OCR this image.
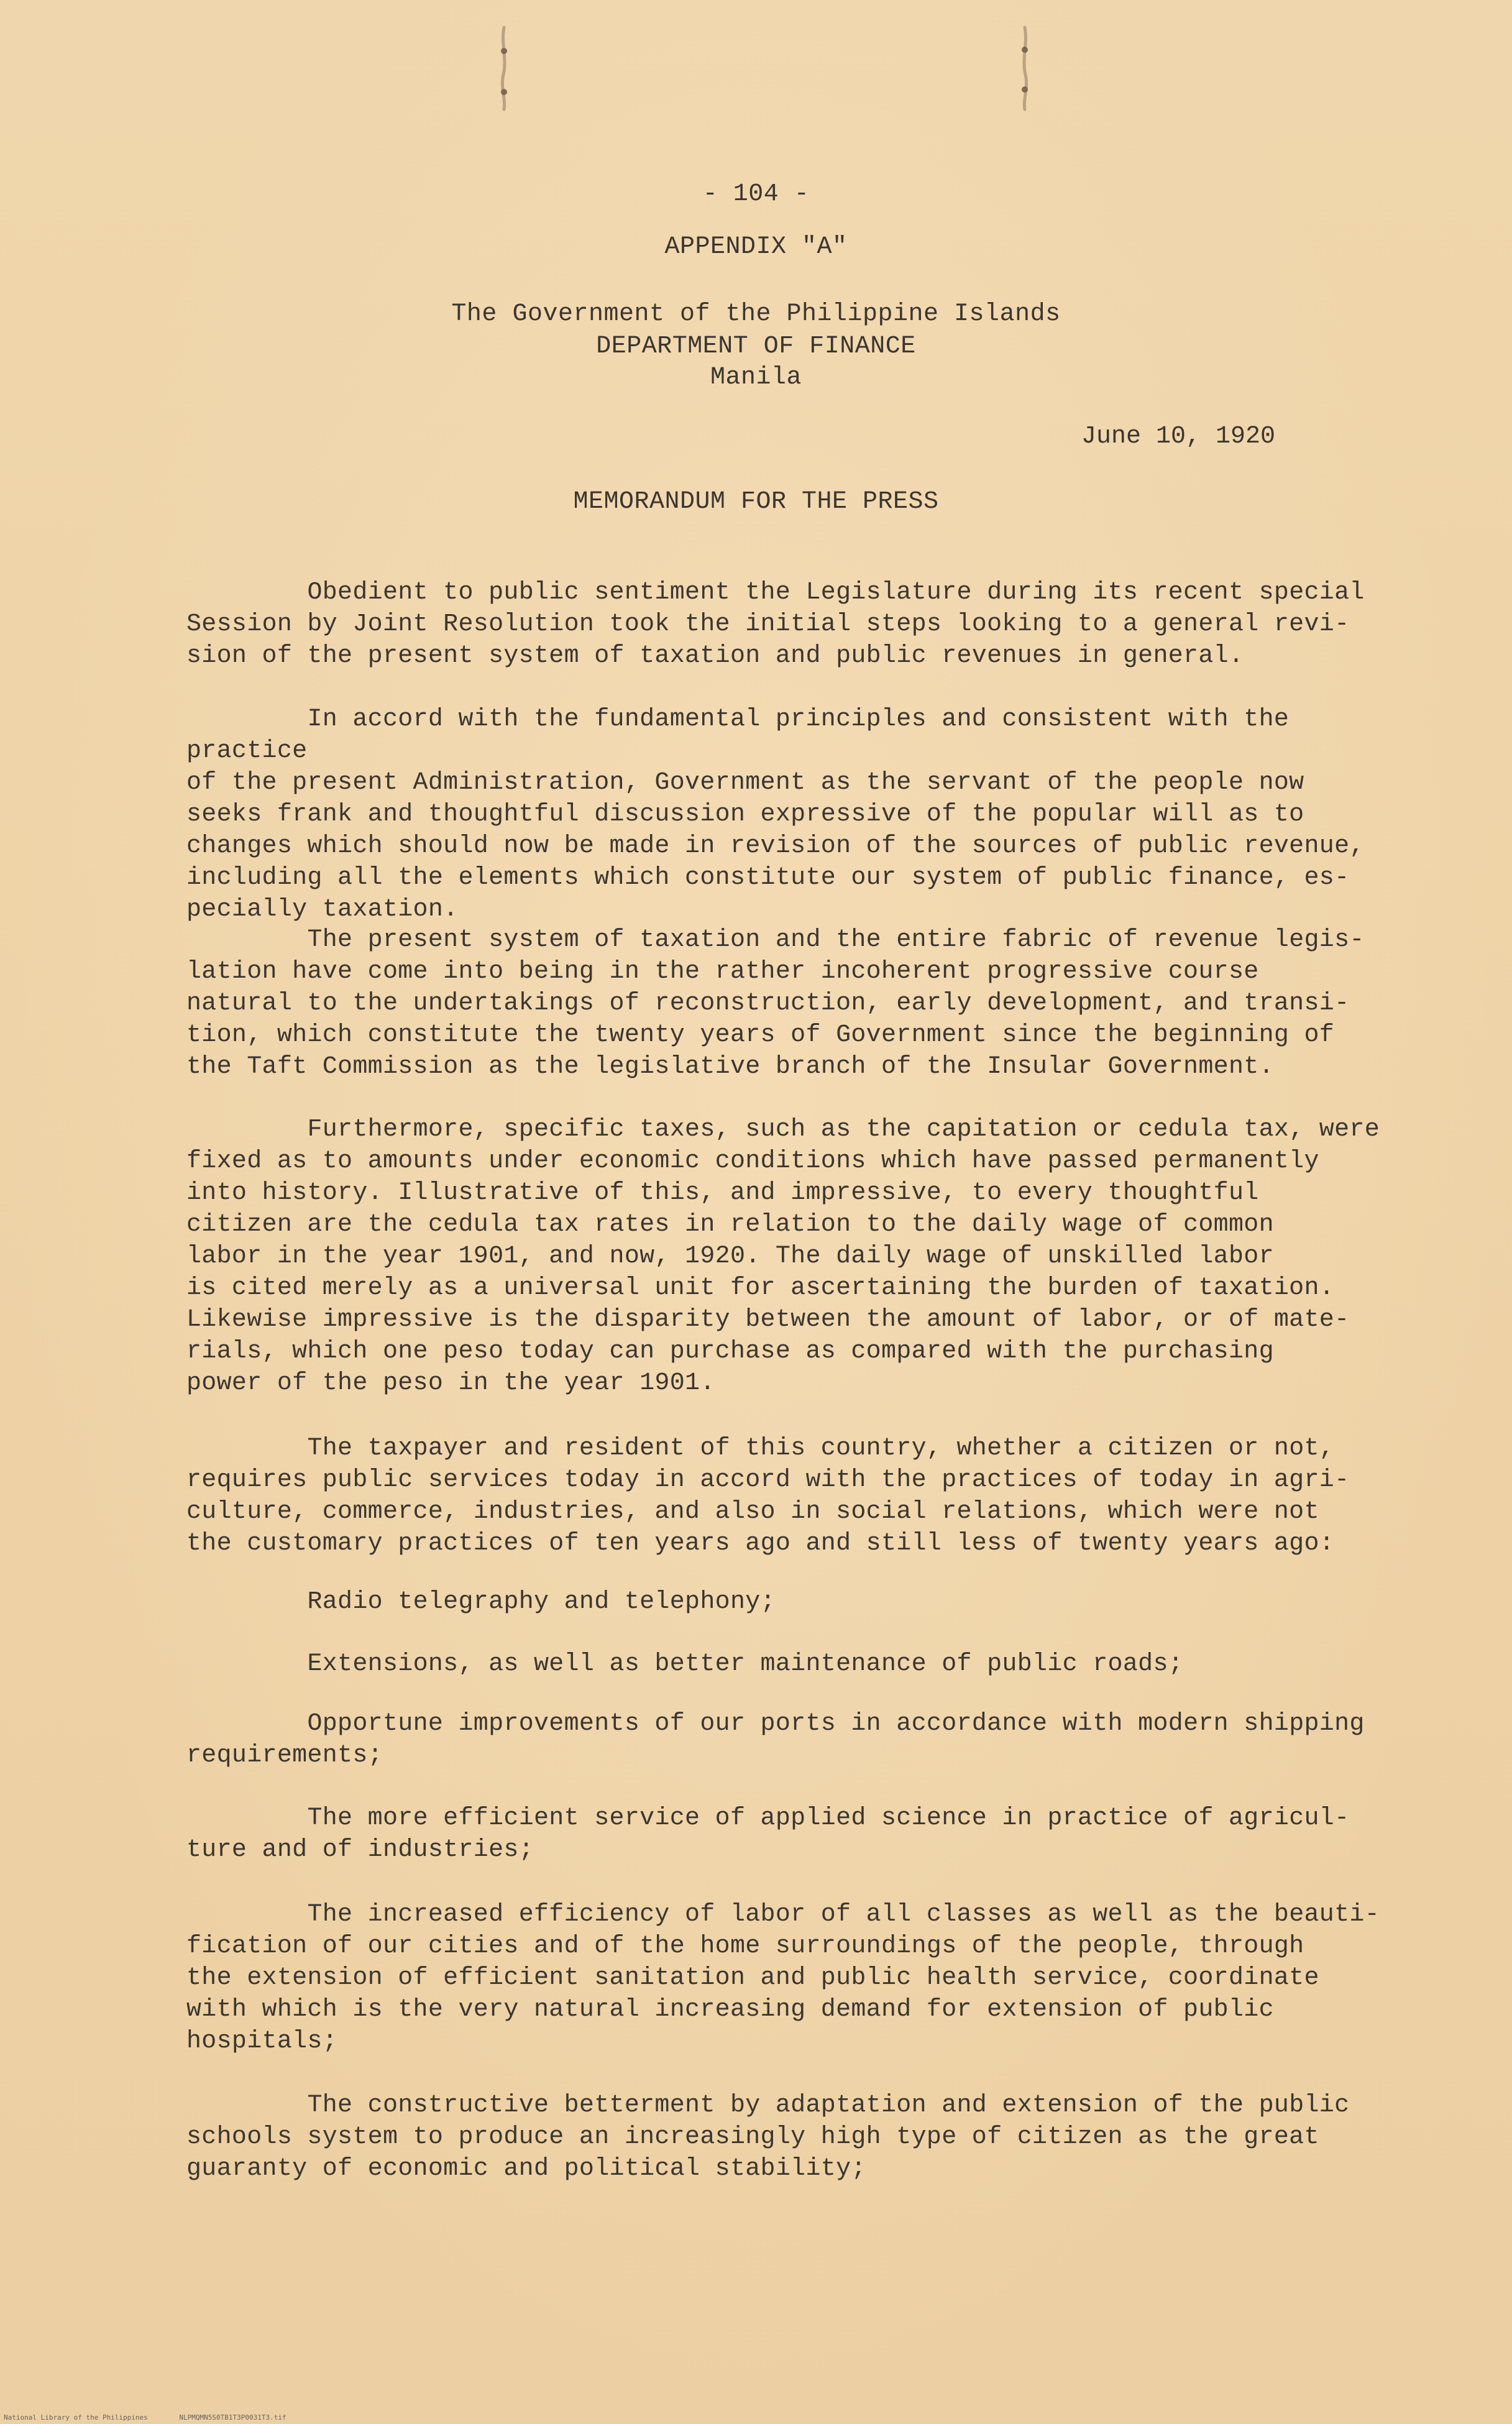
- 104 -
APPENDIX "A"
The Government of the Philippine Islands
DEPARTMENT OF FINANCE
Manila
June 10, 1920
MEMORANDUM FOR THE PRESS
Obedient to public sentiment the Legislature during its recent special
Session by Joint Resolution took the initial steps looking to a general revi-
sion of the present system of taxation and public revenues in general.
In accord with the fundamental principles and consistent with the practice
of the present Administration, Government as the servant of the people now
seeks frank and thoughtful discussion expressive of the popular will as to
changes which should now be made in revision of the sources of public revenue,
including all the elements which constitute our system of public finance, es-
pecially taxation.
The present system of taxation and the entire fabric of revenue legis-
lation have come into being in the rather incoherent progressive course
natural to the undertakings of reconstruction, early development, and transi-
tion, which constitute the twenty years of Government since the beginning of
the Taft Commission as the legislative branch of the Insular Government.
Furthermore, specific taxes, such as the capitation or cedula tax, were
fixed as to amounts under economic conditions which have passed permanently
into history. Illustrative of this, and impressive, to every thoughtful
citizen are the cedula tax rates in relation to the daily wage of common
labor in the year 1901, and now, 1920. The daily wage of unskilled labor
is cited merely as a universal unit for ascertaining the burden of taxation.
Likewise impressive is the disparity between the amount of labor, or of mate-
rials, which one peso today can purchase as compared with the purchasing
power of the peso in the year 1901.
The taxpayer and resident of this country, whether a citizen or not,
requires public services today in accord with the practices of today in agri-
culture, commerce, industries, and also in social relations, which were not
the customary practices of ten years ago and still less of twenty years ago:
Radio telegraphy and telephony;
Extensions, as well as better maintenance of public roads;
Opportune improvements of our ports in accordance with modern shipping
requirements;
The more efficient service of applied science in practice of agricul-
ture and of industries;
The increased efficiency of labor of all classes as well as the beauti-
fication of our cities and of the home surroundings of the people, through
the extension of efficient sanitation and public health service, coordinate
with which is the very natural increasing demand for extension of public
hospitals;
The constructive betterment by adaptation and extension of the public
schools system to produce an increasingly high type of citizen as the great
guaranty of economic and political stability;
National Library of the Philippines	NLPMQMN5S0TB1T3P0031T3.tif
